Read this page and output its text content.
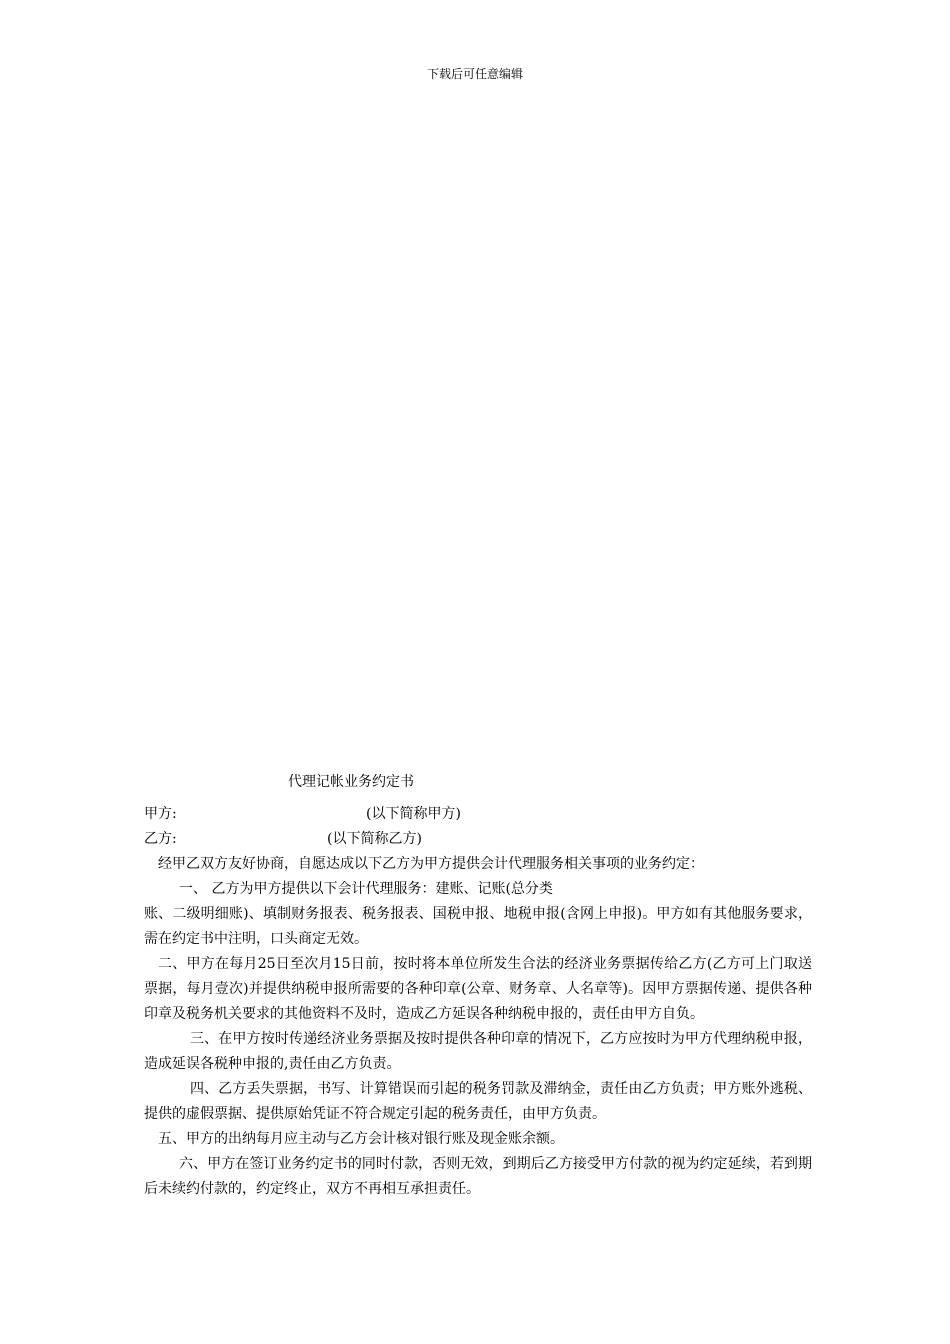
下载后可任意编辑
代理记帐业务约定书

甲方:	(以下简称甲方)

乙方:	(以下简称乙方)

经甲乙双方友好协商，自愿达成以下乙方为甲方提供会计代理服务相关事项的业务约定：

一、 乙方为甲方提供以下会计代理服务：建账、记账(总分类

账、二级明细账)、填制财务报表、税务报表、国税申报、地税申报(含网上申报)。甲方如有其他服务要求，需在约定书中注明，口头商定无效。

二、甲方在每月25日至次月15日前，按时将本单位所发生合法的经济业务票据传给乙方(乙方可上门取送票据，每月壹次)并提供纳税申报所需要的各种印章(公章、财务章、人名章等)。因甲方票据传递、提供各种印章及税务机关要求的其他资料不及时，造成乙方延误各种纳税申报的，责任由甲方自负。

三、在甲方按时传递经济业务票据及按时提供各种印章的情况下，乙方应按时为甲方代理纳税申报，造成延误各税种申报的,责任由乙方负责。

四、乙方丢失票据，书写、计算错误而引起的税务罚款及滞纳金，责任由乙方负责；甲方账外逃税、提供的虚假票据、提供原始凭证不符合规定引起的税务责任，由甲方负责。

五、甲方的出纳每月应主动与乙方会计核对银行账及现金账余额。

六、甲方在签订业务约定书的同时付款，否则无效，到期后乙方接受甲方付款的视为约定延续，若到期后未续约付款的，约定终止，双方不再相互承担责任。
